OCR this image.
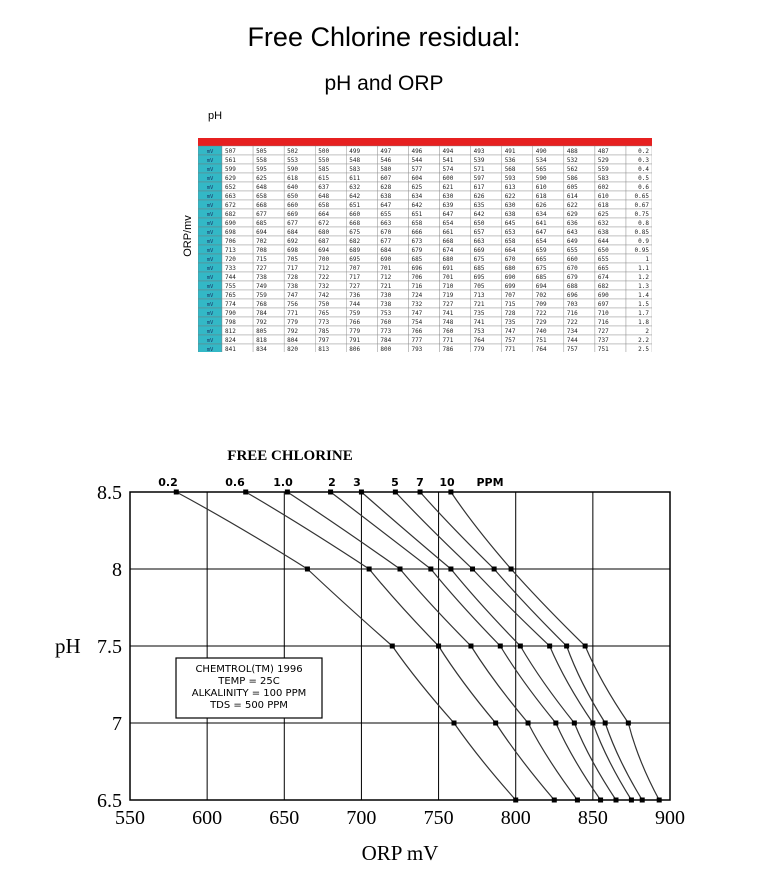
Free Chlorine residual:
pH and ORP
pH
ORP/mv
mV 507	505	502	500	499	497	496	494	493	491	490	488	487	0.2
mV 561	558	553	550	548	546	544	541	539	536	534	532	529	0.3
mV 599	595	590	585	583	580	577	574	571	568	565	562	559	0.4
mV 629	625	618	615	611	607	604	600	597	593	590	586	583	0.5
mV 652	648	640	637	632	628	625	621	617	613	610	605	602	0.6
mV 663	658	650	648	642	638	634	630	626	622	618	614	610	0.65
mV 672	668	660	658	651	647	642	639	635	630	626	622	618	0.67
mV 682	677	669	664	660	655	651	647	642	638	634	629	625	0.75
mV 690	685	677	672	668	663	658	654	650	645	641	636	632	0.8
mV 698	694	684	680	675	670	666	661	657	653	647	643	638	0.85
mV 706	702	692	687	682	677	673	668	663	658	654	649	644	0.9
mV 713	708	698	694	689	684	679	674	669	664	659	655	650	0.95
mV 720	715	705	700	695	690	685	680	675	670	665	660	655	1
mV 733	727	717	712	707	701	696	691	685	680	675	670	665	1.1
mV 744	738	728	722	717	712	706	701	695	690	685	679	674	1.2
mV 755	749	738	732	727	721	716	710	705	699	694	688	682	1.3
mV 765	759	747	742	736	730	724	719	713	707	702	696	690	1.4
mV 774	768	756	750	744	738	732	727	721	715	709	703	697	1.5
mV 790	784	771	765	759	753	747	741	735	728	722	716	710	1.7
mV 798	792	779	773	766	760	754	748	741	735	729	722	716	1.8
mV 812	805	792	785	779	773	766	760	753	747	740	734	727	2
mV 824	818	804	797	791	784	777	771	764	757	751	744	737	2.2
mV 841	834	820	813	806	800	793	786	779	771	764	757	751	2.5
FREE CHLORINE
550 600 650 700 750 800 850 900
6.5
7
7.5
8
8.5
ORP mV
pH
0.2	0.6	1.0	2 3	5 7 10 PPM
CHEMTROL(TM) 1996
TEMP = 25C
ALKALINITY = 100 PPM
TDS = 500 PPM
